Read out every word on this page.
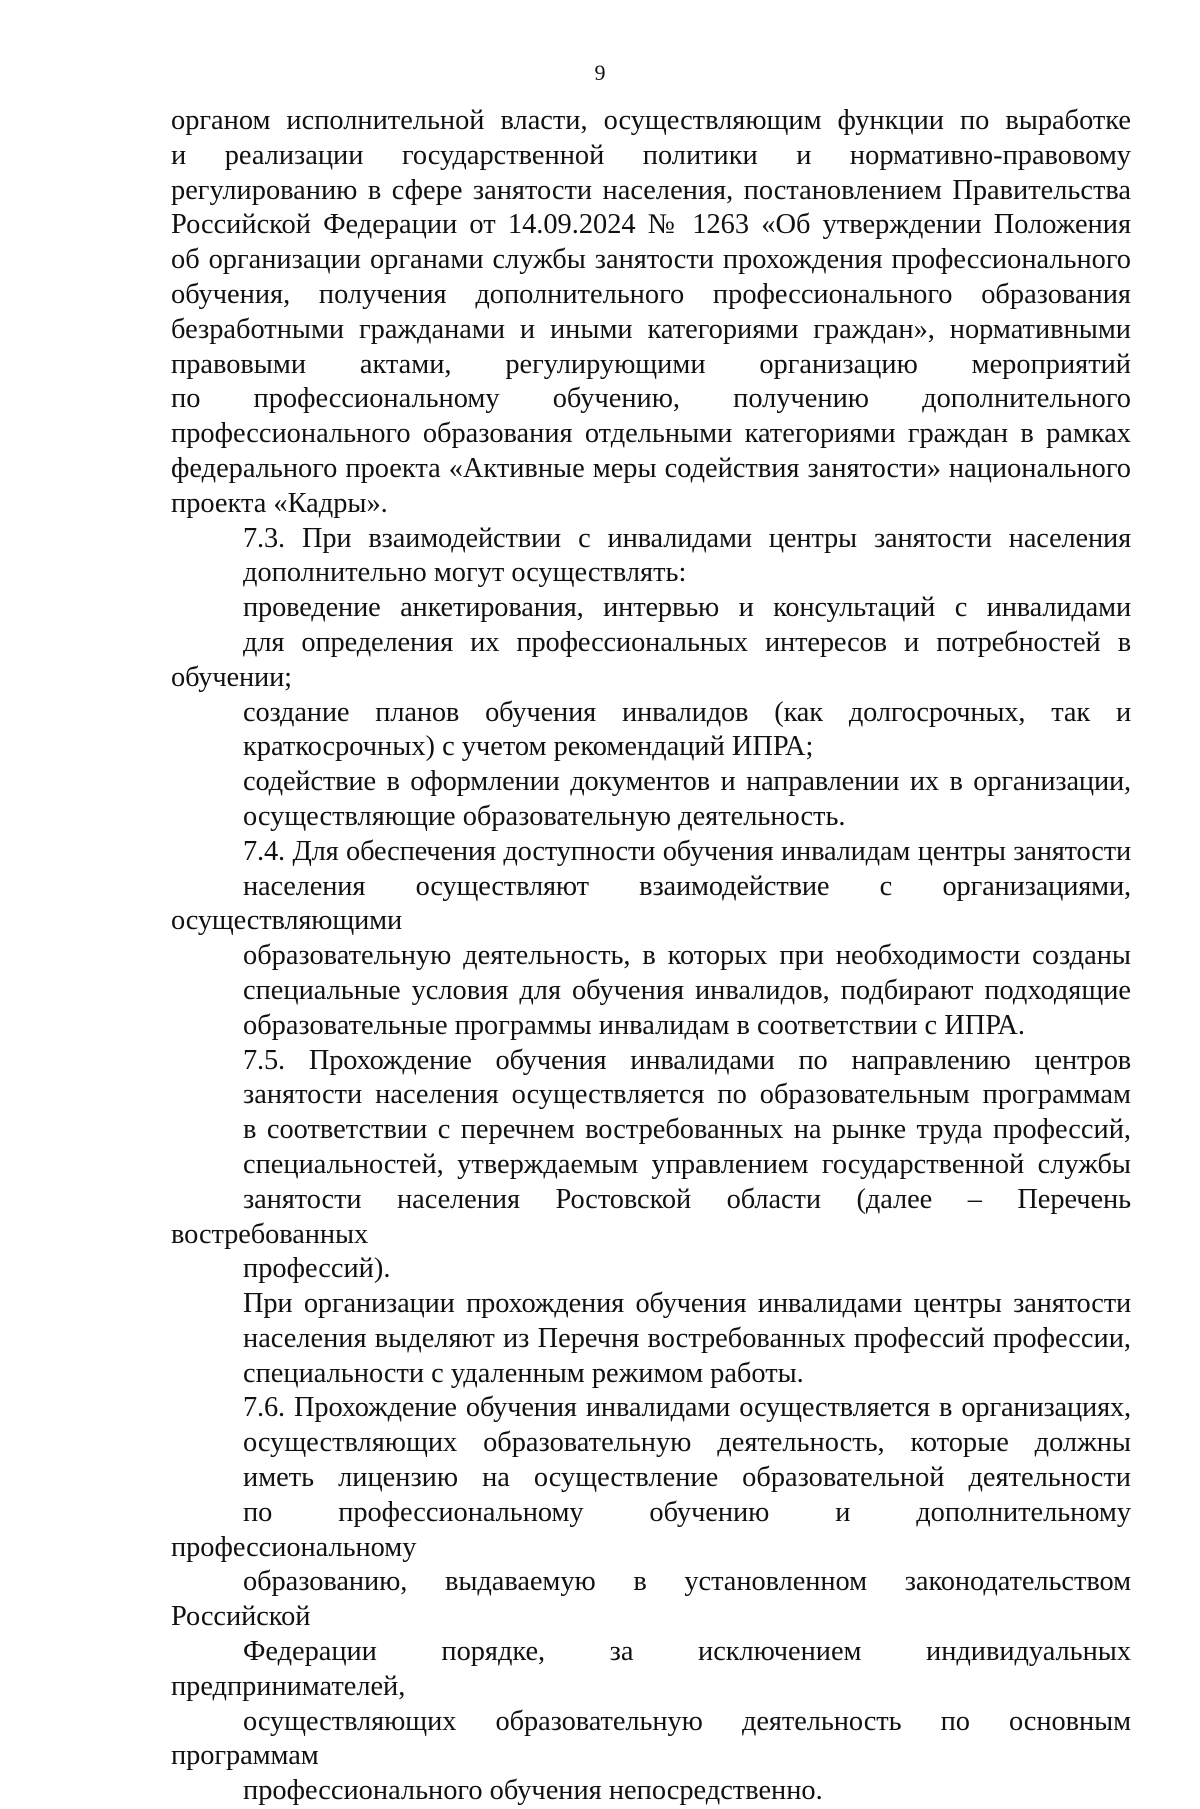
9

органом исполнительной власти, осуществляющим функции по выработке
и реализации государственной политики и нормативно-правовому
регулированию в сфере занятости населения, постановлением Правительства
Российской Федерации от 14.09.2024 № 1263 «Об утверждении Положения
об организации органами службы занятости прохождения профессионального
обучения, получения дополнительного профессионального образования
безработными гражданами и иными категориями граждан», нормативными
правовыми актами, регулирующими организацию мероприятий
по профессиональному обучению, получению дополнительного
профессионального образования отдельными категориями граждан в рамках
федерального проекта «Активные меры содействия занятости» национального
проекта «Кадры».

7.3. При взаимодействии с инвалидами центры занятости населения
дополнительно могут осуществлять:

проведение анкетирования, интервью и консультаций с инвалидами
для определения их профессиональных интересов и потребностей в обучении;

создание планов обучения инвалидов (как долгосрочных, так и
краткосрочных) с учетом рекомендаций ИПРА;

содействие в оформлении документов и направлении их в организации,
осуществляющие образовательную деятельность.

7.4. Для обеспечения доступности обучения инвалидам центры занятости
населения осуществляют взаимодействие с организациями, осуществляющими
образовательную деятельность, в которых при необходимости созданы
специальные условия для обучения инвалидов, подбирают подходящие
образовательные программы инвалидам в соответствии с ИПРА.

7.5. Прохождение обучения инвалидами по направлению центров
занятости населения осуществляется по образовательным программам
в соответствии с перечнем востребованных на рынке труда профессий,
специальностей, утверждаемым управлением государственной службы
занятости населения Ростовской области (далее – Перечень востребованных
профессий).

При организации прохождения обучения инвалидами центры занятости
населения выделяют из Перечня востребованных профессий профессии,
специальности с удаленным режимом работы.

7.6. Прохождение обучения инвалидами осуществляется в организациях,
осуществляющих образовательную деятельность, которые должны
иметь лицензию на осуществление образовательной деятельности
по профессиональному обучению и дополнительному профессиональному
образованию, выдаваемую в установленном законодательством Российской
Федерации порядке, за исключением индивидуальных предпринимателей,
осуществляющих образовательную деятельность по основным программам
профессионального обучения непосредственно.
